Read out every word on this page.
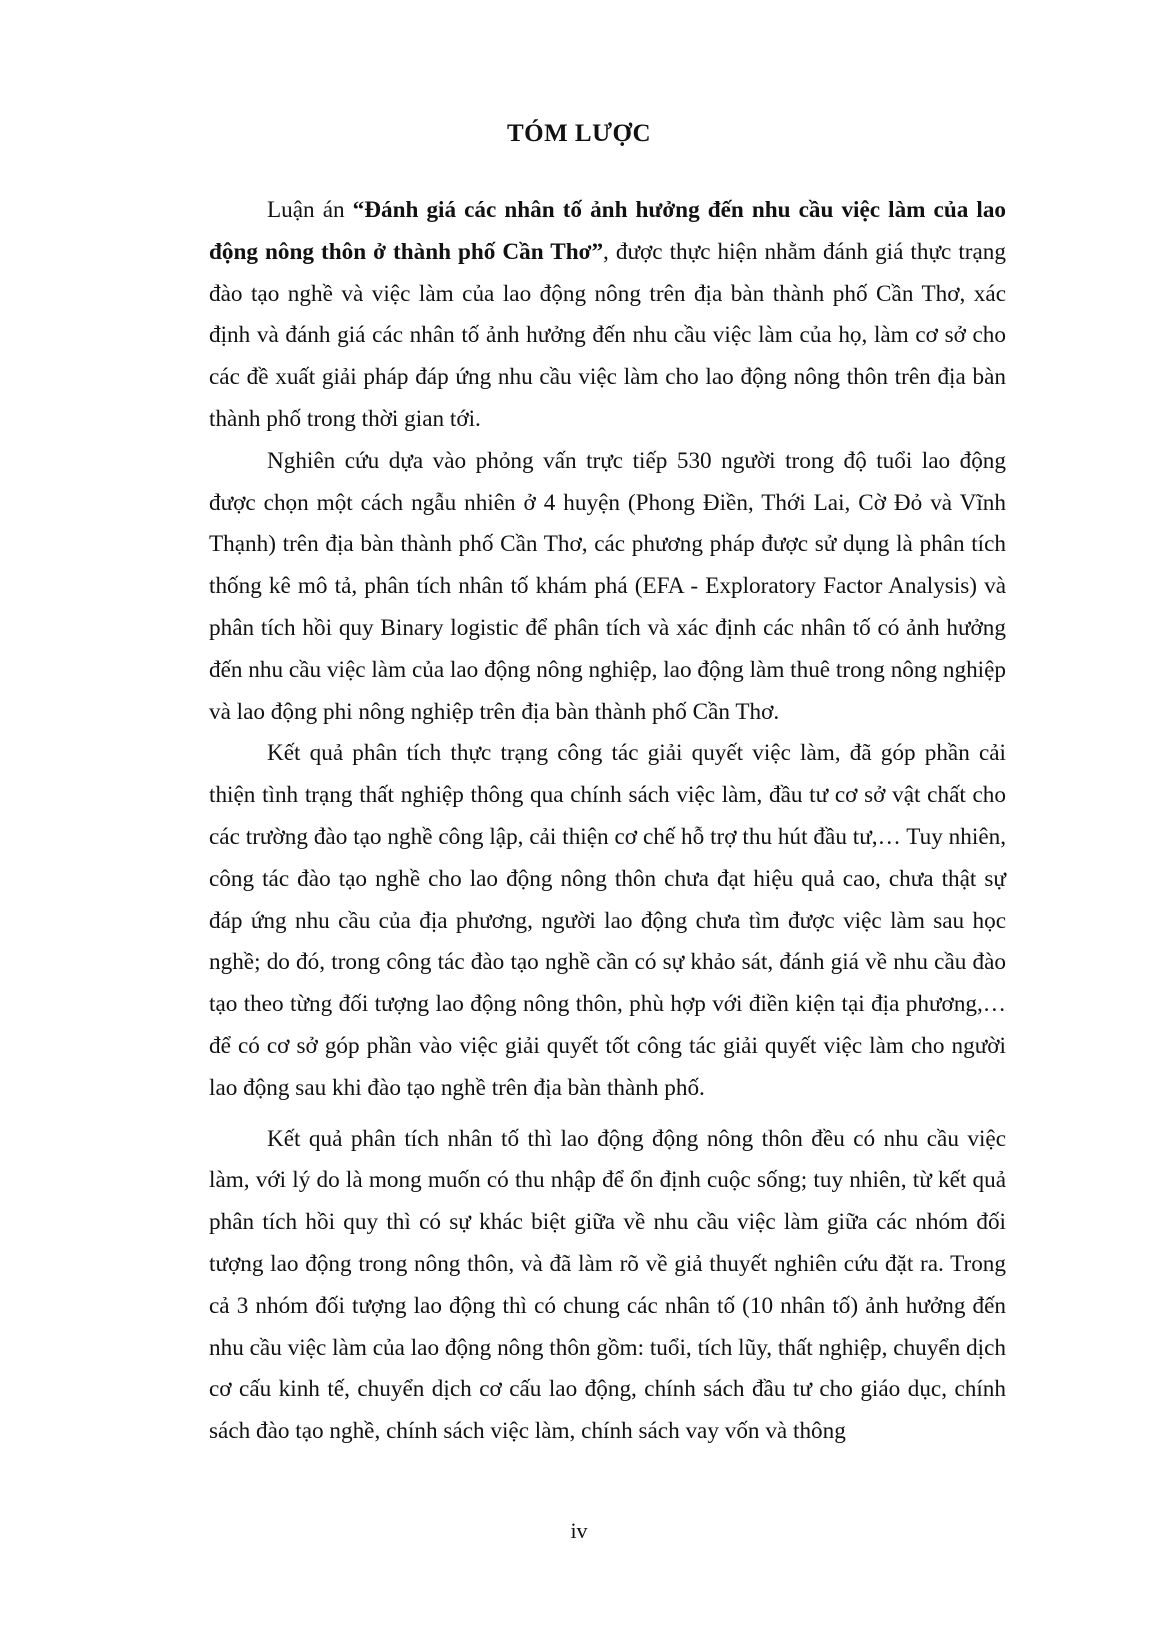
TÓM LƯỢC

Luận án “Đánh giá các nhân tố ảnh hưởng đến nhu cầu việc làm của lao động nông thôn ở thành phố Cần Thơ”, được thực hiện nhằm đánh giá thực trạng đào tạo nghề và việc làm của lao động nông trên địa bàn thành phố Cần Thơ, xác định và đánh giá các nhân tố ảnh hưởng đến nhu cầu việc làm của họ, làm cơ sở cho các đề xuất giải pháp đáp ứng nhu cầu việc làm cho lao động nông thôn trên địa bàn thành phố trong thời gian tới.

Nghiên cứu dựa vào phỏng vấn trực tiếp 530 người trong độ tuổi lao động được chọn một cách ngẫu nhiên ở 4 huyện (Phong Điền, Thới Lai, Cờ Đỏ và Vĩnh Thạnh) trên địa bàn thành phố Cần Thơ, các phương pháp được sử dụng là phân tích thống kê mô tả, phân tích nhân tố khám phá (EFA - Exploratory Factor Analysis) và phân tích hồi quy Binary logistic để phân tích và xác định các nhân tố có ảnh hưởng đến nhu cầu việc làm của lao động nông nghiệp, lao động làm thuê trong nông nghiệp và lao động phi nông nghiệp trên địa bàn thành phố Cần Thơ.

Kết quả phân tích thực trạng công tác giải quyết việc làm, đã góp phần cải thiện tình trạng thất nghiệp thông qua chính sách việc làm, đầu tư cơ sở vật chất cho các trường đào tạo nghề công lập, cải thiện cơ chế hỗ trợ thu hút đầu tư,… Tuy nhiên, công tác đào tạo nghề cho lao động nông thôn chưa đạt hiệu quả cao, chưa thật sự đáp ứng nhu cầu của địa phương, người lao động chưa tìm được việc làm sau học nghề; do đó, trong công tác đào tạo nghề cần có sự khảo sát, đánh giá về nhu cầu đào tạo theo từng đối tượng lao động nông thôn, phù hợp với điền kiện tại địa phương,… để có cơ sở góp phần vào việc giải quyết tốt công tác giải quyết việc làm cho người lao động sau khi đào tạo nghề trên địa bàn thành phố.

Kết quả phân tích nhân tố thì lao động động nông thôn đều có nhu cầu việc làm, với lý do là mong muốn có thu nhập để ổn định cuộc sống; tuy nhiên, từ kết quả phân tích hồi quy thì có sự khác biệt giữa về nhu cầu việc làm giữa các nhóm đối tượng lao động trong nông thôn, và đã làm rõ về giả thuyết nghiên cứu đặt ra. Trong cả 3 nhóm đối tượng lao động thì có chung các nhân tố (10 nhân tố) ảnh hưởng đến nhu cầu việc làm của lao động nông thôn gồm: tuổi, tích lũy, thất nghiệp, chuyển dịch cơ cấu kinh tế, chuyển dịch cơ cấu lao động, chính sách đầu tư cho giáo dục, chính sách đào tạo nghề, chính sách việc làm, chính sách vay vốn và thông

iv
